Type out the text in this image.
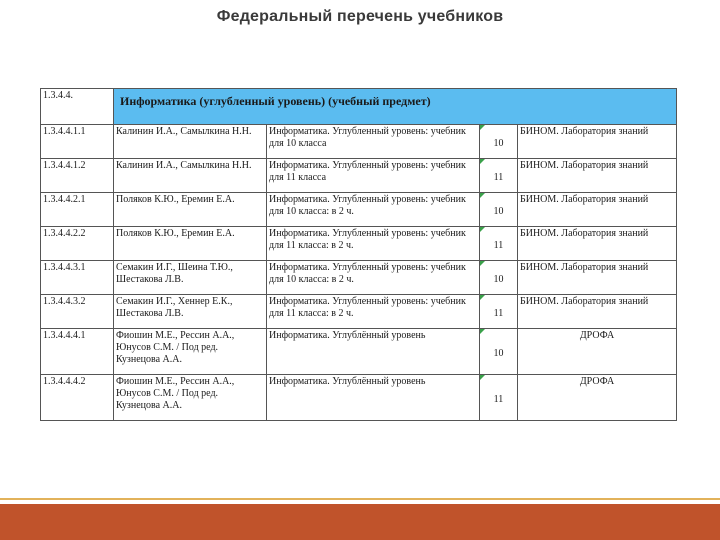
Федеральный перечень учебников
1.3.4.4.	Информатика (углубленный уровень) (учебный предмет)			
1.3.4.4.1.1	Калинин И.А., Самылкина Н.Н.	Информатика. Углубленный уровень: учебник для 10 класса	10	БИНОМ. Лаборатория знаний
1.3.4.4.1.2	Калинин И.А., Самылкина Н.Н.	Информатика. Углубленный уровень: учебник для 11 класса	11	БИНОМ. Лаборатория знаний
1.3.4.4.2.1	Поляков К.Ю., Еремин Е.А.	Информатика. Углубленный уровень: учебник для 10 класса: в 2 ч.	10	БИНОМ. Лаборатория знаний
1.3.4.4.2.2	Поляков К.Ю., Еремин Е.А.	Информатика. Углубленный уровень: учебник для 11 класса: в 2 ч.	11	БИНОМ. Лаборатория знаний
1.3.4.4.3.1	Семакин И.Г., Шеина Т.Ю., Шестакова Л.В.	Информатика. Углубленный уровень: учебник для 10 класса: в 2 ч.	10	БИНОМ. Лаборатория знаний
1.3.4.4.3.2	Семакин И.Г., Хеннер Е.К., Шестакова Л.В.	Информатика. Углубленный уровень: учебник для 11 класса: в 2 ч.	11	БИНОМ. Лаборатория знаний
1.3.4.4.4.1	Фиошин М.Е., Рессин А.А., Юнусов С.М. / Под ред. Кузнецова А.А.	Информатика. Углублённый уровень	10	ДРОФА
1.3.4.4.4.2	Фиошин М.Е., Рессин А.А., Юнусов С.М. / Под ред. Кузнецова А.А.	Информатика. Углублённый уровень	11	ДРОФА
